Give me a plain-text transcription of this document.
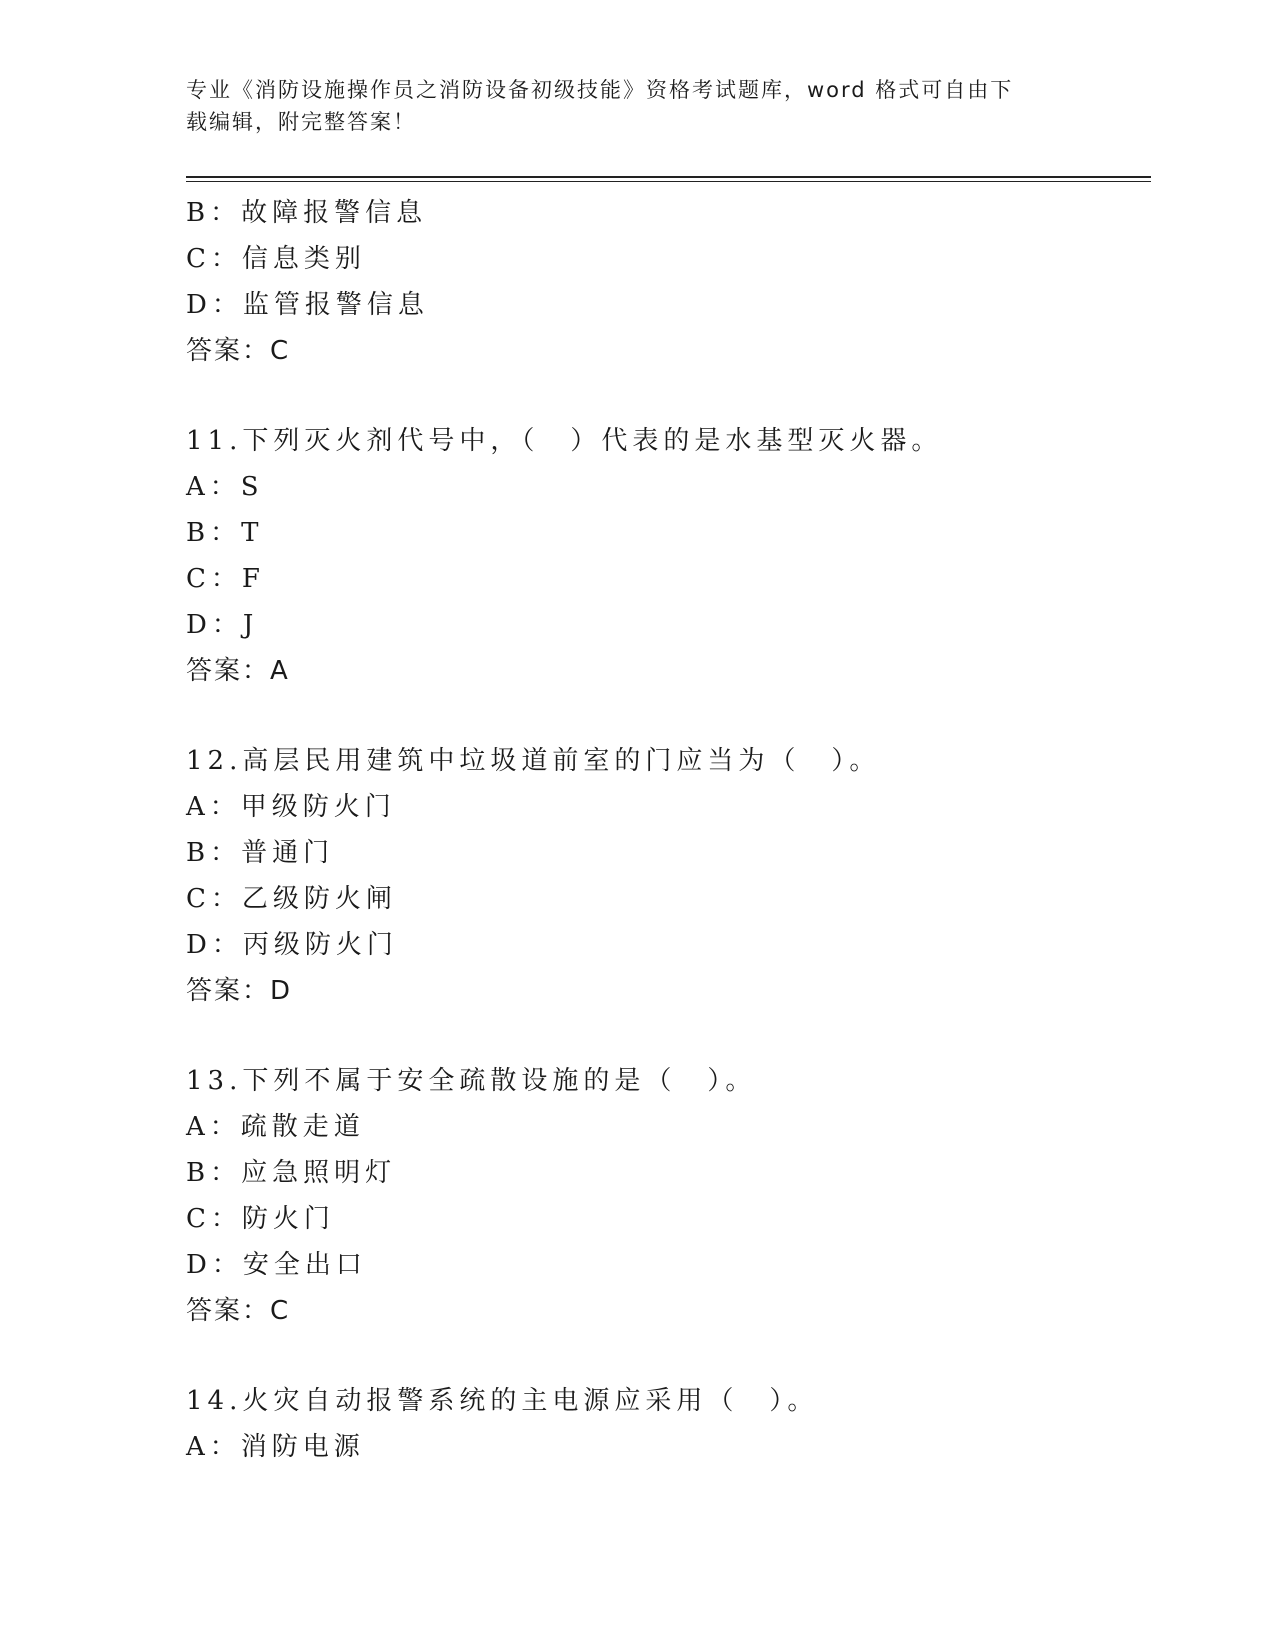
专业《消防设施操作员之消防设备初级技能》资格考试题库，word 格式可自由下
载编辑，附完整答案！
B：故障报警信息
C：信息类别
D：监管报警信息
答案：C
11.下列灭火剂代号中，（　）代表的是水基型灭火器。
A：S
B：T
C：F
D：J
答案：A
12.高层民用建筑中垃圾道前室的门应当为（　）。
A：甲级防火门
B：普通门
C：乙级防火闸
D：丙级防火门
答案：D
13.下列不属于安全疏散设施的是（　）。
A：疏散走道
B：应急照明灯
C：防火门
D：安全出口
答案：C
14.火灾自动报警系统的主电源应采用（　）。
A：消防电源
